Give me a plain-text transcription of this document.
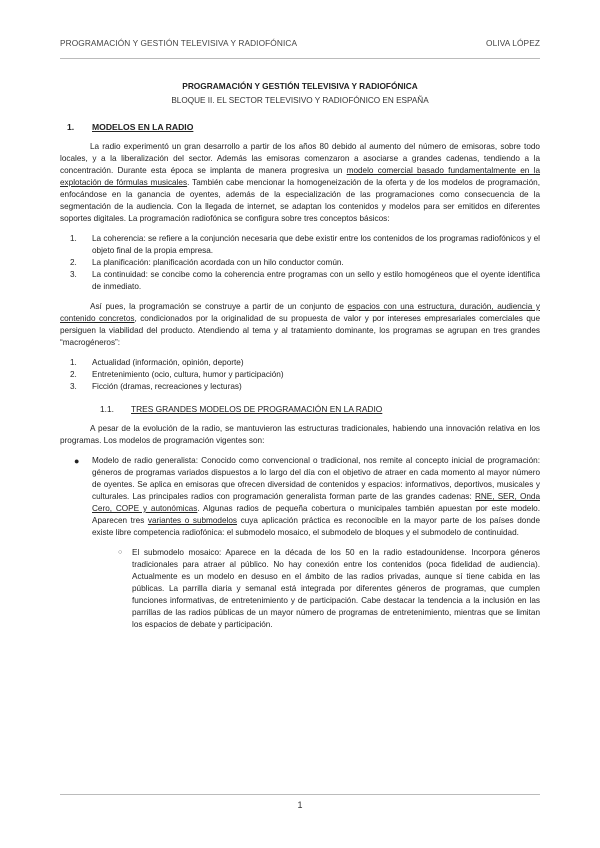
PROGRAMACIÓN Y GESTIÓN TELEVISIVA Y RADIOFÓNICA	OLIVA LÓPEZ

PROGRAMACIÓN Y GESTIÓN TELEVISIVA Y RADIOFÓNICA

BLOQUE II. EL SECTOR TELEVISIVO Y RADIOFÓNICO EN ESPAÑA

1.	MODELOS EN LA RADIO

La radio experimentó un gran desarrollo a partir de los años 80 debido al aumento del número de emisoras, sobre todo locales, y a la liberalización del sector. Además las emisoras comenzaron a asociarse a grandes cadenas, tendiendo a la concentración. Durante esta época se implanta de manera progresiva un modelo comercial basado fundamentalmente en la explotación de fórmulas musicales. También cabe mencionar la homogeneización de la oferta y de los modelos de programación, enfocándose en la ganancia de oyentes, además de la especialización de las programaciones como consecuencia de la segmentación de la audiencia. Con la llegada de internet, se adaptan los contenidos y modelos para ser emitidos en diferentes soportes digitales. La programación radiofónica se configura sobre tres conceptos básicos:

1.	La coherencia: se refiere a la conjunción necesaria que debe existir entre los contenidos de los programas radiofónicos y el objeto final de la propia empresa.
2.	La planificación: planificación acordada con un hilo conductor común.
3.	La continuidad: se concibe como la coherencia entre programas con un sello y estilo homogéneos que el oyente identifica de inmediato.

Así pues, la programación se construye a partir de un conjunto de espacios con una estructura, duración, audiencia y contenido concretos, condicionados por la originalidad de su propuesta de valor y por intereses empresariales comerciales que persiguen la viabilidad del producto. Atendiendo al tema y al tratamiento dominante, los programas se agrupan en tres grandes “macrogéneros”:

1.	Actualidad (información, opinión, deporte)
2.	Entretenimiento (ocio, cultura, humor y participación)
3.	Ficción (dramas, recreaciones y lecturas)
1.1.	TRES GRANDES MODELOS DE PROGRAMACIÓN EN LA RADIO

A pesar de la evolución de la radio, se mantuvieron las estructuras tradicionales, habiendo una innovación relativa en los programas. Los modelos de programación vigentes son:

●	Modelo de radio generalista: Conocido como convencional o tradicional, nos remite al concepto inicial de programación: géneros de programas variados dispuestos a lo largo del día con el objetivo de atraer en cada momento al mayor número de oyentes. Se aplica en emisoras que ofrecen diversidad de contenidos y espacios: informativos, deportivos, musicales y culturales. Las principales radios con programación generalista forman parte de las grandes cadenas: RNE, SER, Onda Cero, COPE y autonómicas. Algunas radios de pequeña cobertura o municipales también apuestan por este modelo. Aparecen tres variantes o submodelos cuya aplicación práctica es reconocible en la mayor parte de los países donde existe libre competencia radiofónica: el submodelo mosaico, el submodelo de bloques y el submodelo de continuidad.
○	El submodelo mosaico: Aparece en la década de los 50 en la radio estadounidense. Incorpora géneros tradicionales para atraer al público. No hay conexión entre los contenidos (poca fidelidad de audiencia). Actualmente es un modelo en desuso en el ámbito de las radios privadas, aunque sí tiene cabida en las públicas. La parrilla diaria y semanal está integrada por diferentes géneros de programas, que cumplen funciones informativas, de entretenimiento y de participación. Cabe destacar la tendencia a la inclusión en las parrillas de las radios públicas de un mayor número de programas de entretenimiento, mientras que se limitan los espacios de debate y participación.
1
